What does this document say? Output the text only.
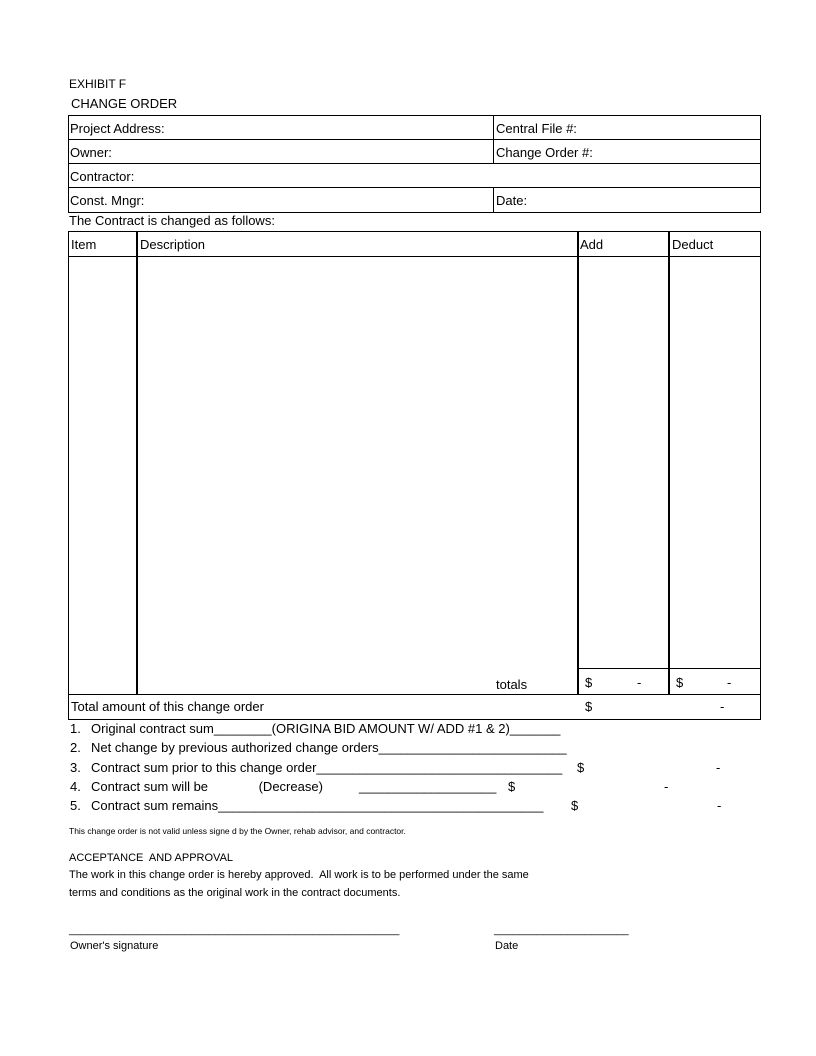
EXHIBIT F
CHANGE ORDER
Project Address:	Central File #:
Owner:	Change Order #:
Contractor:
Const. Mngr:	Date:
The Contract is changed as follows:
Item	Description	Add	Deduct
totals	$	-	$	-
Total amount of this change order	$	-
1. Original contract sum________(ORIGINA BID AMOUNT W/ ADD #1 & 2)_______
2. Net change by previous authorized change orders__________________________
3. Contract sum prior to this change order__________________________________ $	-
4. Contract sum will be              (Decrease)          ___________________ $	-
5. Contract sum remains_____________________________________________ $	-
This change order is not valid unless signe d by the Owner, rehab advisor, and contractor.
ACCEPTANCE  AND APPROVAL
The work in this change order is hereby approved.  All work is to be performed under the same
terms and conditions as the original work in the contract documents.
______________________________________________________
Owner's signature
______________________
Date
